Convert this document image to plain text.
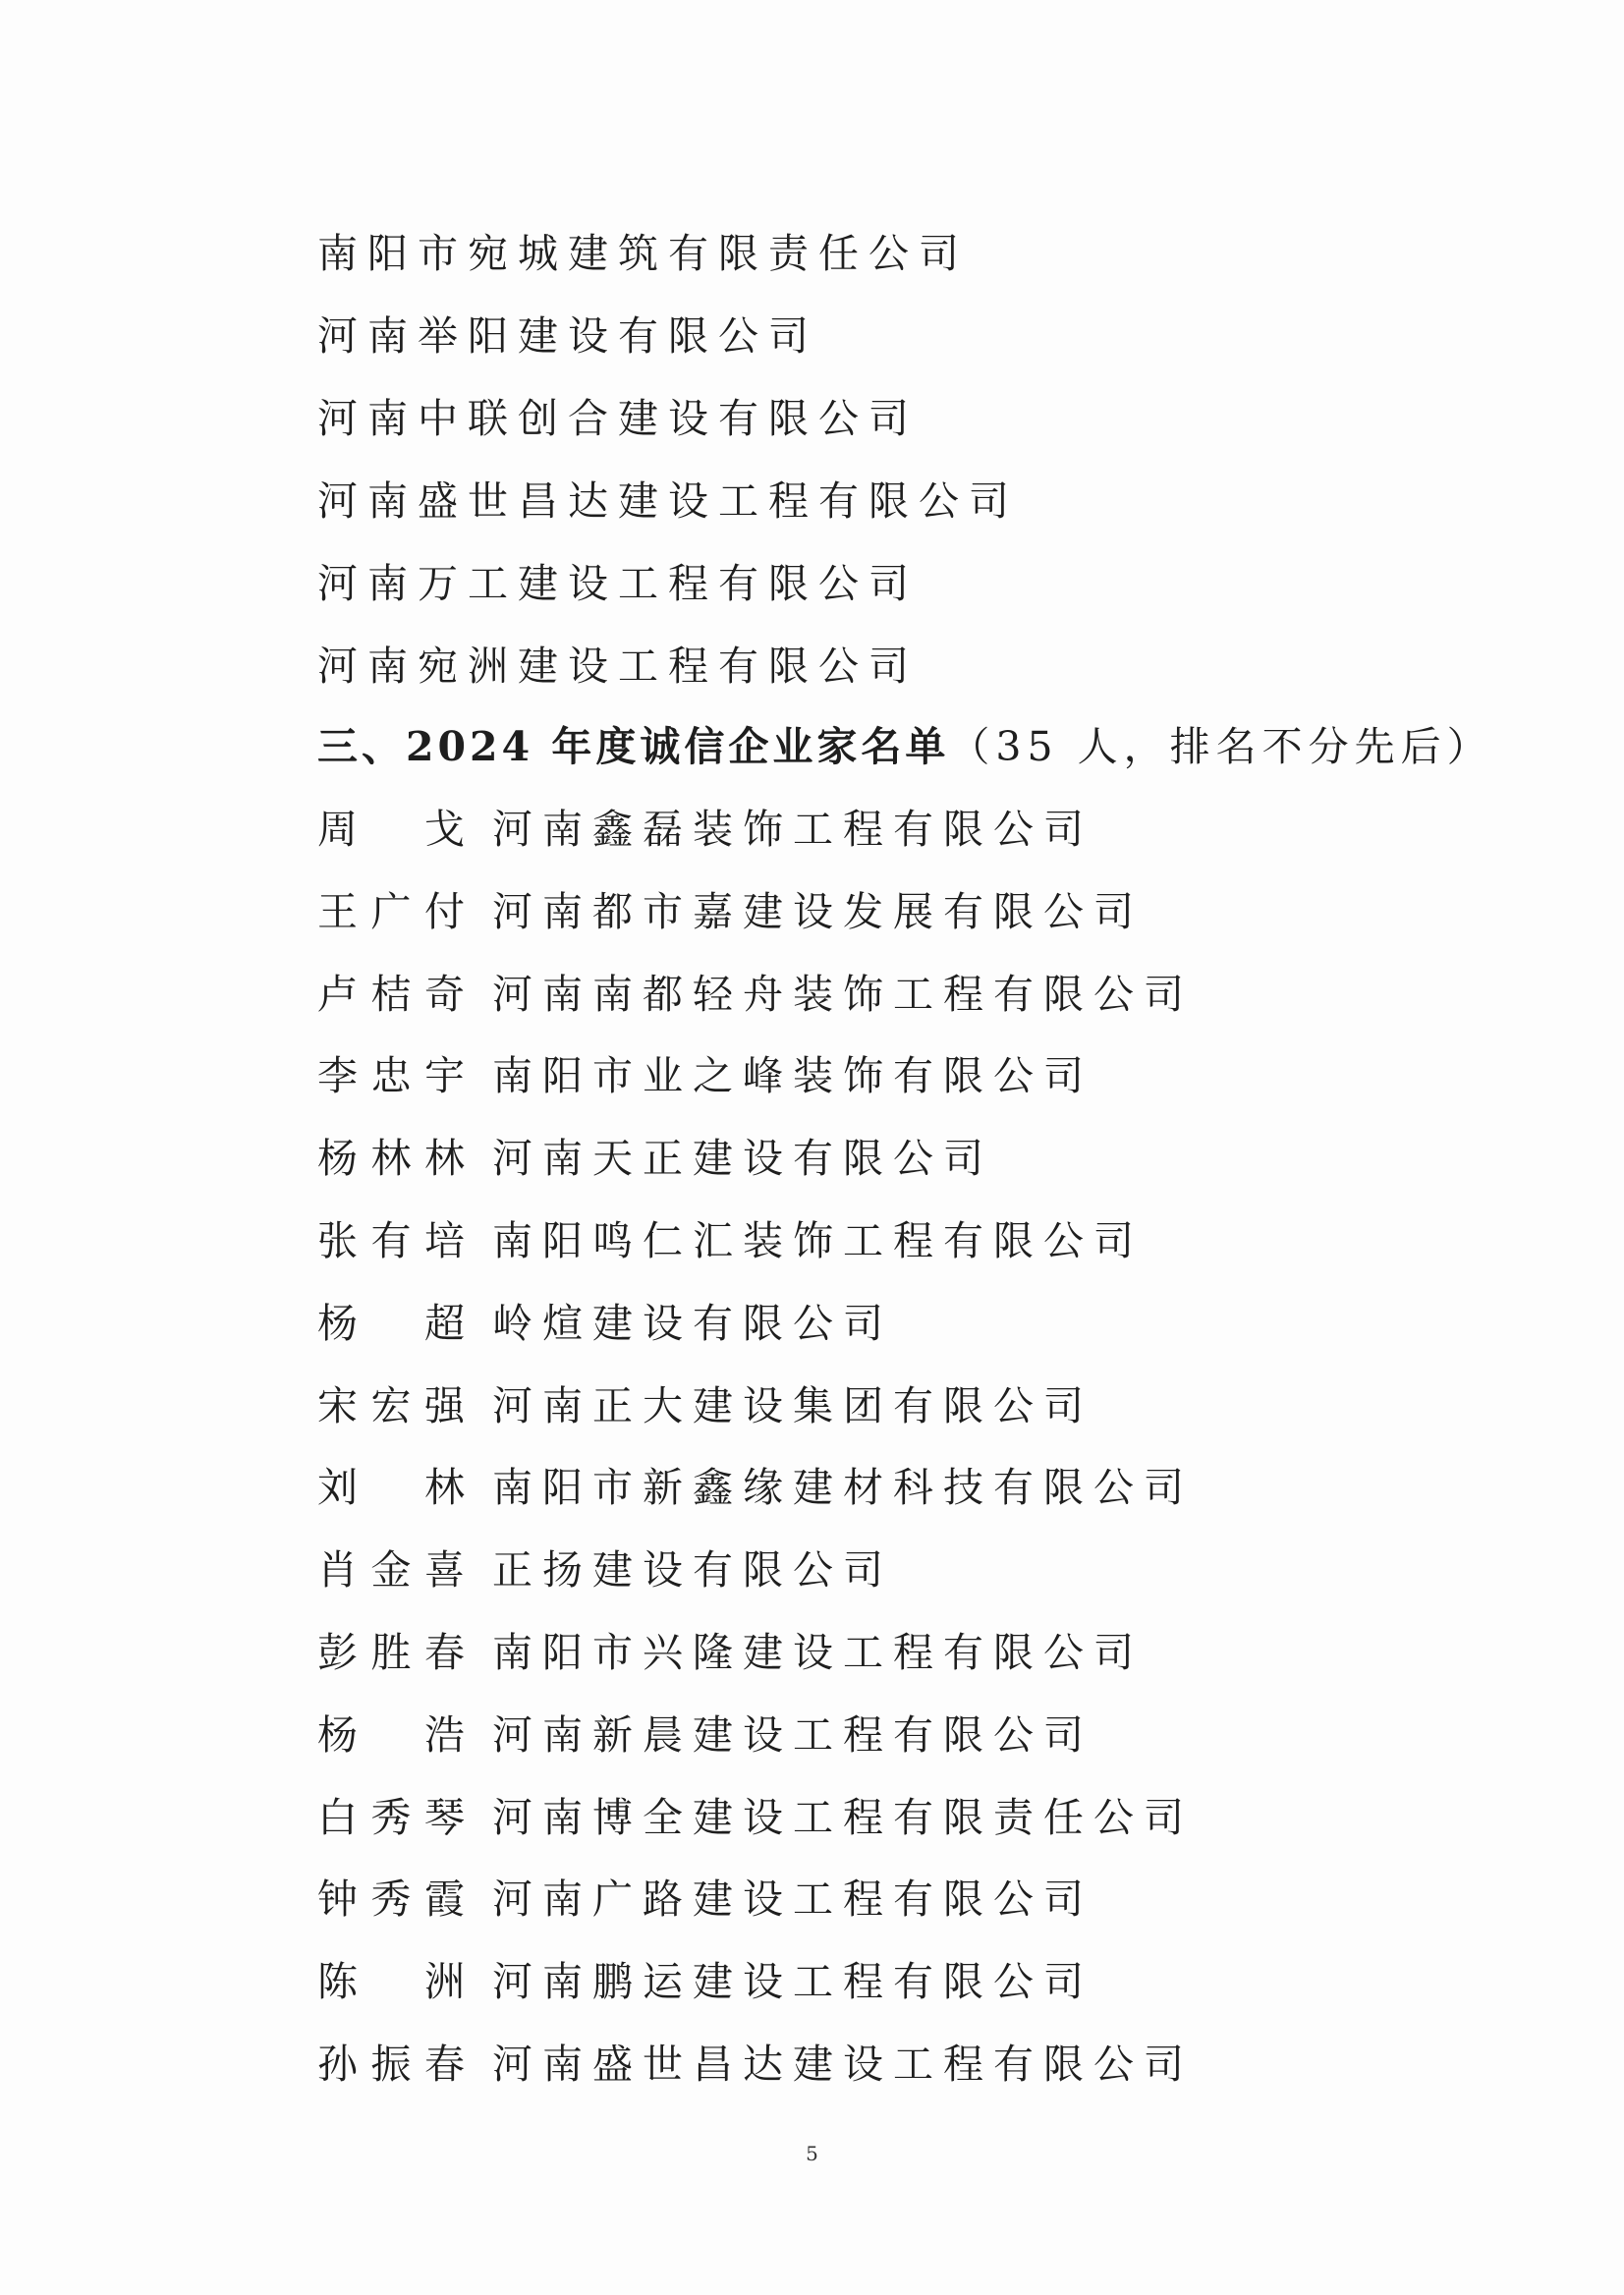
南阳市宛城建筑有限责任公司
河南举阳建设有限公司
河南中联创合建设有限公司
河南盛世昌达建设工程有限公司
河南万工建设工程有限公司
河南宛洲建设工程有限公司
三、2024 年度诚信企业家名单（35 人，排名不分先后）
周 戈 河南鑫磊装饰工程有限公司
王 广 付 河南都市嘉建设发展有限公司
卢 桔 奇 河南南都轻舟装饰工程有限公司
李 忠 宇 南阳市业之峰装饰有限公司
杨 林 林 河南天正建设有限公司
张 有 培 南阳鸣仁汇装饰工程有限公司
杨 超 岭煊建设有限公司
宋 宏 强 河南正大建设集团有限公司
刘 林 南阳市新鑫缘建材科技有限公司
肖 金 喜 正扬建设有限公司
彭 胜 春 南阳市兴隆建设工程有限公司
杨 浩 河南新晨建设工程有限公司
白 秀 琴 河南博全建设工程有限责任公司
钟 秀 霞 河南广路建设工程有限公司
陈 洲 河南鹏运建设工程有限公司
孙 振 春 河南盛世昌达建设工程有限公司
5
